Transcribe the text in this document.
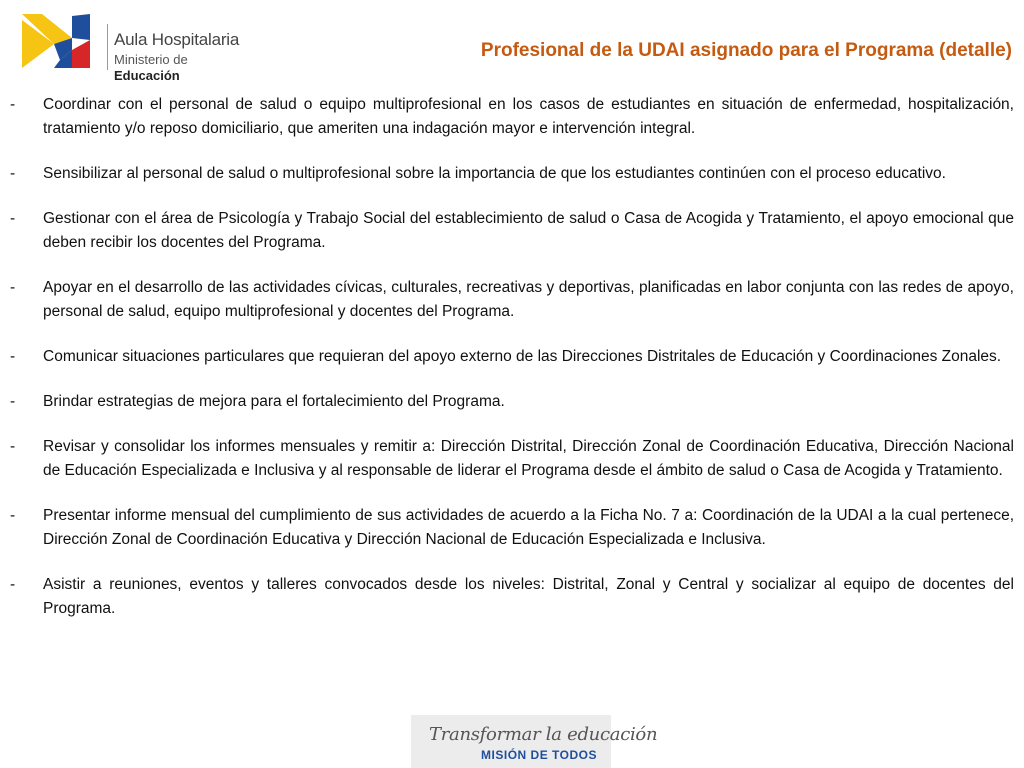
Aula Hospitalaria
Ministerio de Educación
Profesional de la UDAI asignado para el Programa (detalle)
-	Coordinar con el personal de salud o equipo multiprofesional en los casos de estudiantes en situación de enfermedad, hospitalización, tratamiento y/o reposo domiciliario, que ameriten una indagación mayor e intervención integral.
-	Sensibilizar al personal de salud o multiprofesional sobre la importancia de que los estudiantes continúen con el proceso educativo.
-	Gestionar con el área de Psicología y Trabajo Social del establecimiento de salud o Casa de Acogida y Tratamiento, el apoyo emocional que deben recibir los docentes del Programa.
-	Apoyar en el desarrollo de las actividades cívicas, culturales, recreativas y deportivas, planificadas en labor conjunta con las redes de apoyo, personal de salud, equipo multiprofesional y docentes del Programa.
-	Comunicar situaciones particulares que requieran del apoyo externo de las Direcciones Distritales de Educación y Coordinaciones Zonales.
-	Brindar estrategias de mejora para el fortalecimiento del Programa.
-	Revisar y consolidar los informes mensuales y remitir a: Dirección Distrital, Dirección Zonal de Coordinación Educativa, Dirección Nacional de Educación Especializada e Inclusiva y al responsable de liderar el Programa desde el ámbito de salud o Casa de Acogida y Tratamiento.
-	Presentar informe mensual del cumplimiento de sus actividades de acuerdo a la Ficha No. 7 a: Coordinación de la UDAI a la cual pertenece, Dirección Zonal de Coordinación Educativa y Dirección Nacional de Educación Especializada e Inclusiva.
-	Asistir a reuniones, eventos y talleres convocados desde los niveles: Distrital, Zonal y Central y socializar al equipo de docentes del Programa.
Transformar la educación
MISIÓN DE TODOS
